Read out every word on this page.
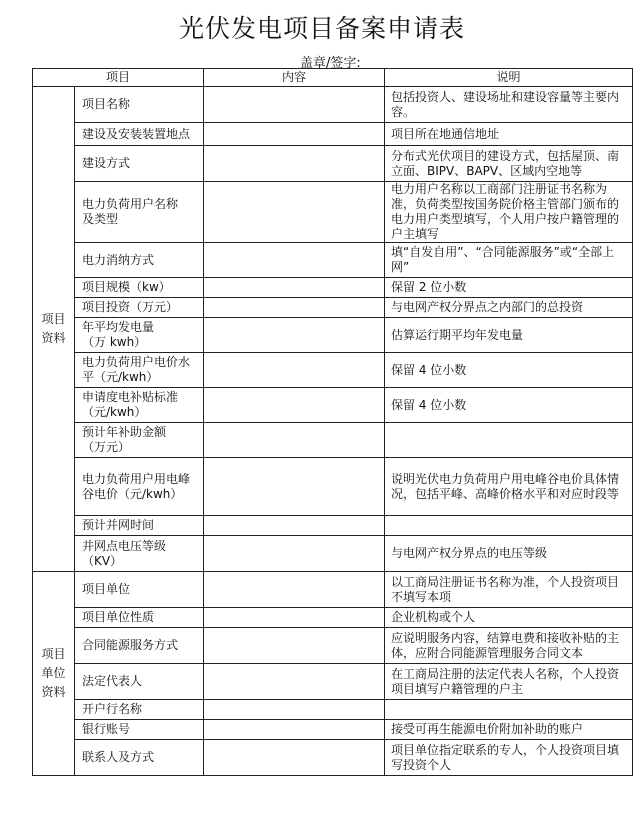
光伏发电项目备案申请表
盖章/签字:
项目		内容	说明
项目
资料	项目名称		包括投资人、建设场址和建设容量等主要内容。
	建设及安装装置地点		项目所在地通信地址
	建设方式		分布式光伏项目的建设方式，包括屋顶、南立面、BIPV、BAPV、区域内空地等
	电力负荷用户名称
及类型		电力用户名称以工商部门注册证书名称为准，负荷类型按国务院价格主管部门颁布的电力用户类型填写，个人用户按户籍管理的户主填写
	电力消纳方式		填“自发自用”、“合同能源服务”或“全部上网”
	项目规模（kw）		保留 2 位小数
	项目投资（万元）		与电网产权分界点之内部门的总投资
	年平均发电量
（万 kwh）		估算运行期平均年发电量
	电力负荷用户电价水
平（元/kwh）		保留 4 位小数
	申请度电补贴标准
（元/kwh）		保留 4 位小数
	预计年补助金额
（万元）		
	电力负荷用户用电峰
谷电价（元/kwh）		说明光伏电力负荷用户用电峰谷电价具体情况，包括平峰、高峰价格水平和对应时段等
	预计并网时间		
	并网点电压等级
（KV）		与电网产权分界点的电压等级
项目
单位
资料	项目单位		以工商局注册证书名称为准，个人投资项目不填写本项
	项目单位性质		企业机构或个人
	合同能源服务方式		应说明服务内容，结算电费和接收补贴的主体，应附合同能源管理服务合同文本
	法定代表人		在工商局注册的法定代表人名称，个人投资项目填写户籍管理的户主
	开户行名称		
	银行账号		接受可再生能源电价附加补助的账户
	联系人及方式		项目单位指定联系的专人，个人投资项目填写投资个人
